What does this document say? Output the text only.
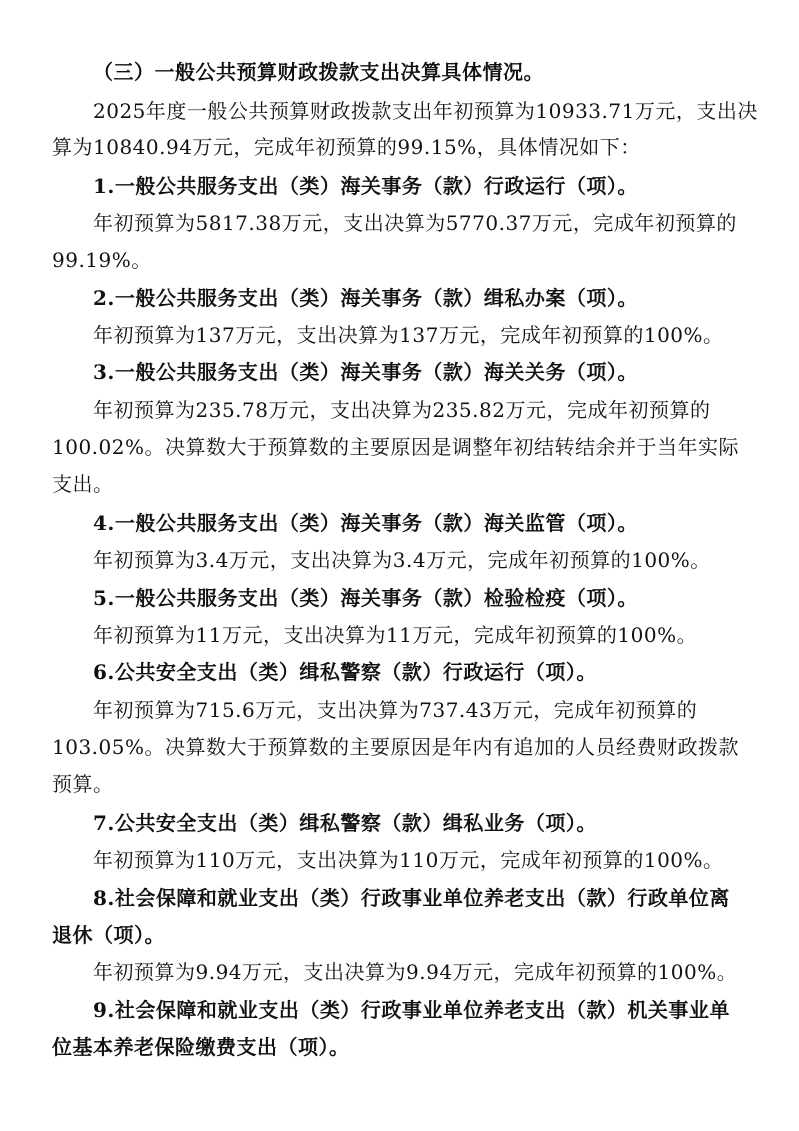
（三）一般公共预算财政拨款支出决算具体情况。
2025年度一般公共预算财政拨款支出年初预算为10933.71万元，支出决
算为10840.94万元，完成年初预算的99.15%，具体情况如下：
1.一般公共服务支出（类）海关事务（款）行政运行（项）。
年初预算为5817.38万元，支出决算为5770.37万元，完成年初预算的
99.19%。
2.一般公共服务支出（类）海关事务（款）缉私办案（项）。
年初预算为137万元，支出决算为137万元，完成年初预算的100%。
3.一般公共服务支出（类）海关事务（款）海关关务（项）。
年初预算为235.78万元，支出决算为235.82万元，完成年初预算的
100.02%。决算数大于预算数的主要原因是调整年初结转结余并于当年实际
支出。
4.一般公共服务支出（类）海关事务（款）海关监管（项）。
年初预算为3.4万元，支出决算为3.4万元，完成年初预算的100%。
5.一般公共服务支出（类）海关事务（款）检验检疫（项）。
年初预算为11万元，支出决算为11万元，完成年初预算的100%。
6.公共安全支出（类）缉私警察（款）行政运行（项）。
年初预算为715.6万元，支出决算为737.43万元，完成年初预算的
103.05%。决算数大于预算数的主要原因是年内有追加的人员经费财政拨款
预算。
7.公共安全支出（类）缉私警察（款）缉私业务（项）。
年初预算为110万元，支出决算为110万元，完成年初预算的100%。
8.社会保障和就业支出（类）行政事业单位养老支出（款）行政单位离
退休（项）。
年初预算为9.94万元，支出决算为9.94万元，完成年初预算的100%。
9.社会保障和就业支出（类）行政事业单位养老支出（款）机关事业单
位基本养老保险缴费支出（项）。
